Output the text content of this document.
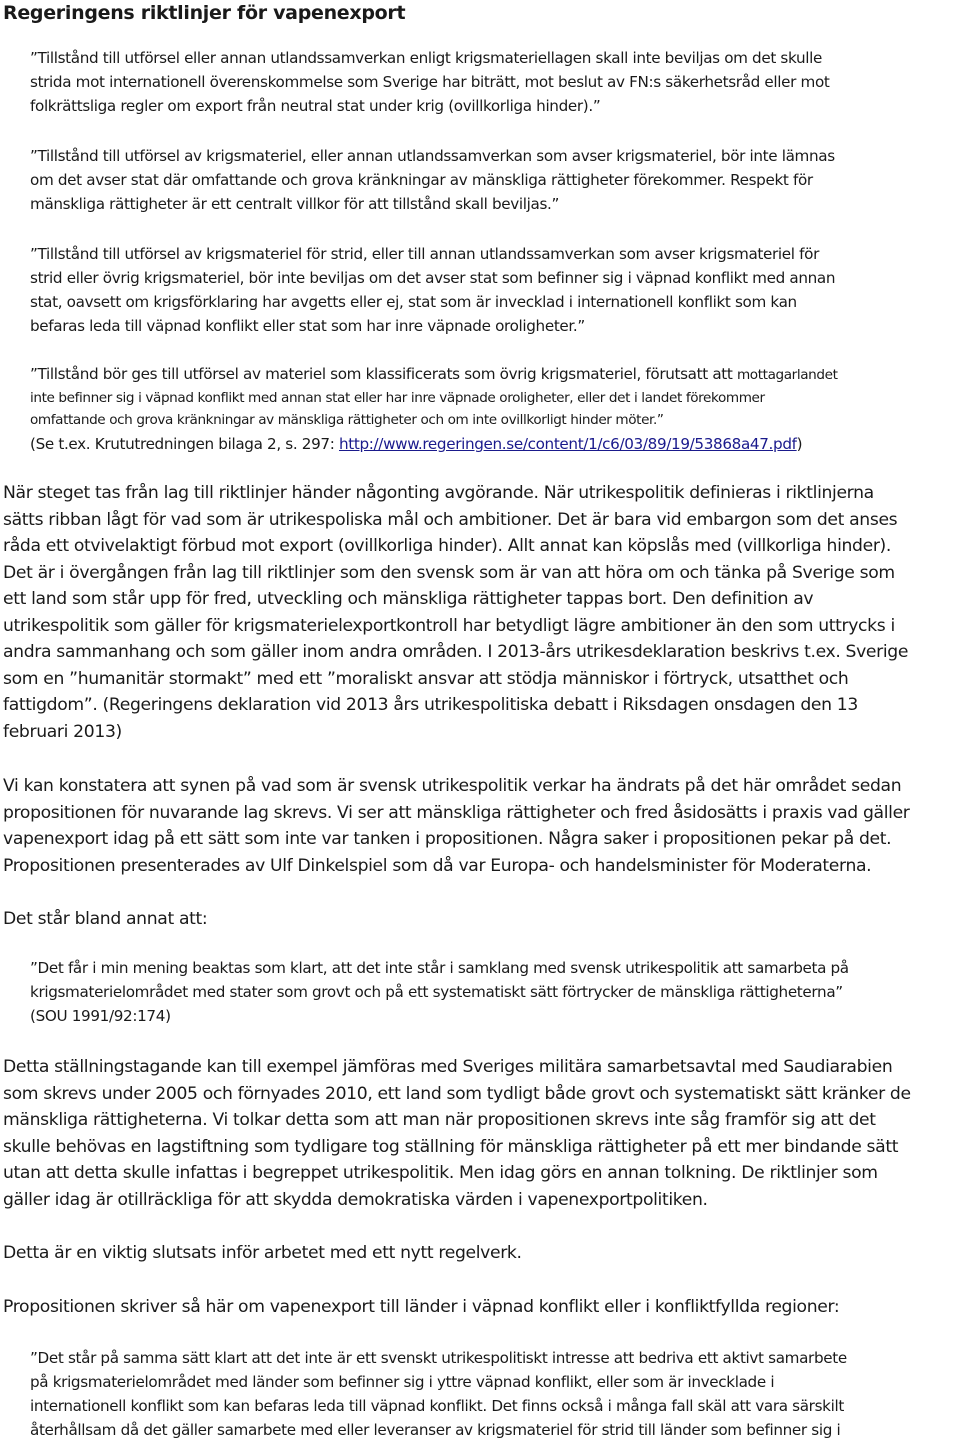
Regeringens riktlinjer för vapenexport
”Tillstånd till utförsel eller annan utlandssamverkan enligt krigsmateriellagen skall inte beviljas om det skulle
strida mot internationell överenskommelse som Sverige har biträtt, mot beslut av FN:s säkerhetsråd eller mot
folkrättsliga regler om export från neutral stat under krig (ovillkorliga hinder).”
”Tillstånd till utförsel av krigsmateriel, eller annan utlandssamverkan som avser krigsmateriel, bör inte lämnas
om det avser stat där omfattande och grova kränkningar av mänskliga rättigheter förekommer. Respekt för
mänskliga rättigheter är ett centralt villkor för att tillstånd skall beviljas.”
”Tillstånd till utförsel av krigsmateriel för strid, eller till annan utlandssamverkan som avser krigsmateriel för
strid eller övrig krigsmateriel, bör inte beviljas om det avser stat som befinner sig i väpnad konflikt med annan
stat, oavsett om krigsförklaring har avgetts eller ej, stat som är invecklad i internationell konflikt som kan
befaras leda till väpnad konflikt eller stat som har inre väpnade oroligheter.”
”Tillstånd bör ges till utförsel av materiel som klassificerats som övrig krigsmateriel, förutsatt att mottagarlandet
inte befinner sig i väpnad konflikt med annan stat eller har inre väpnade oroligheter, eller det i landet förekommer
omfattande och grova kränkningar av mänskliga rättigheter och om inte ovillkorligt hinder möter.”
(Se t.ex. Krututredningen bilaga 2, s. 297: http://www.regeringen.se/content/1/c6/03/89/19/53868a47.pdf)
När steget tas från lag till riktlinjer händer någonting avgörande. När utrikespolitik definieras i riktlinjerna
sätts ribban lågt för vad som är utrikespoliska mål och ambitioner. Det är bara vid embargon som det anses
råda ett otvivelaktigt förbud mot export (ovillkorliga hinder). Allt annat kan köpslås med (villkorliga hinder).
Det är i övergången från lag till riktlinjer som den svensk som är van att höra om och tänka på Sverige som
ett land som står upp för fred, utveckling och mänskliga rättigheter tappas bort. Den definition av
utrikespolitik som gäller för krigsmaterielexportkontroll har betydligt lägre ambitioner än den som uttrycks i
andra sammanhang och som gäller inom andra områden. I 2013-års utrikesdeklaration beskrivs t.ex. Sverige
som en ”humanitär stormakt” med ett ”moraliskt ansvar att stödja människor i förtryck, utsatthet och
fattigdom”. (Regeringens deklaration vid 2013 års utrikespolitiska debatt i Riksdagen onsdagen den 13
februari 2013)
Vi kan konstatera att synen på vad som är svensk utrikespolitik verkar ha ändrats på det här området sedan
propositionen för nuvarande lag skrevs. Vi ser att mänskliga rättigheter och fred åsidosätts i praxis vad gäller
vapenexport idag på ett sätt som inte var tanken i propositionen. Några saker i propositionen pekar på det.
Propositionen presenterades av Ulf Dinkelspiel som då var Europa- och handelsminister för Moderaterna.
Det står bland annat att:
”Det får i min mening beaktas som klart, att det inte står i samklang med svensk utrikespolitik att samarbeta på
krigsmaterielområdet med stater som grovt och på ett systematiskt sätt förtrycker de mänskliga rättigheterna”
(SOU 1991/92:174)
Detta ställningstagande kan till exempel jämföras med Sveriges militära samarbetsavtal med Saudiarabien
som skrevs under 2005 och förnyades 2010, ett land som tydligt både grovt och systematiskt sätt kränker de
mänskliga rättigheterna. Vi tolkar detta som att man när propositionen skrevs inte såg framför sig att det
skulle behövas en lagstiftning som tydligare tog ställning för mänskliga rättigheter på ett mer bindande sätt
utan att detta skulle infattas i begreppet utrikespolitik. Men idag görs en annan tolkning. De riktlinjer som
gäller idag är otillräckliga för att skydda demokratiska värden i vapenexportpolitiken.
Detta är en viktig slutsats inför arbetet med ett nytt regelverk.
Propositionen skriver så här om vapenexport till länder i väpnad konflikt eller i konfliktfyllda regioner:
”Det står på samma sätt klart att det inte är ett svenskt utrikespolitiskt intresse att bedriva ett aktivt samarbete
på krigsmaterielområdet med länder som befinner sig i yttre väpnad konflikt, eller som är invecklade i
internationell konflikt som kan befaras leda till väpnad konflikt. Det finns också i många fall skäl att vara särskilt
återhållsam då det gäller samarbete med eller leveranser av krigsmateriel för strid till länder som befinner sig i
